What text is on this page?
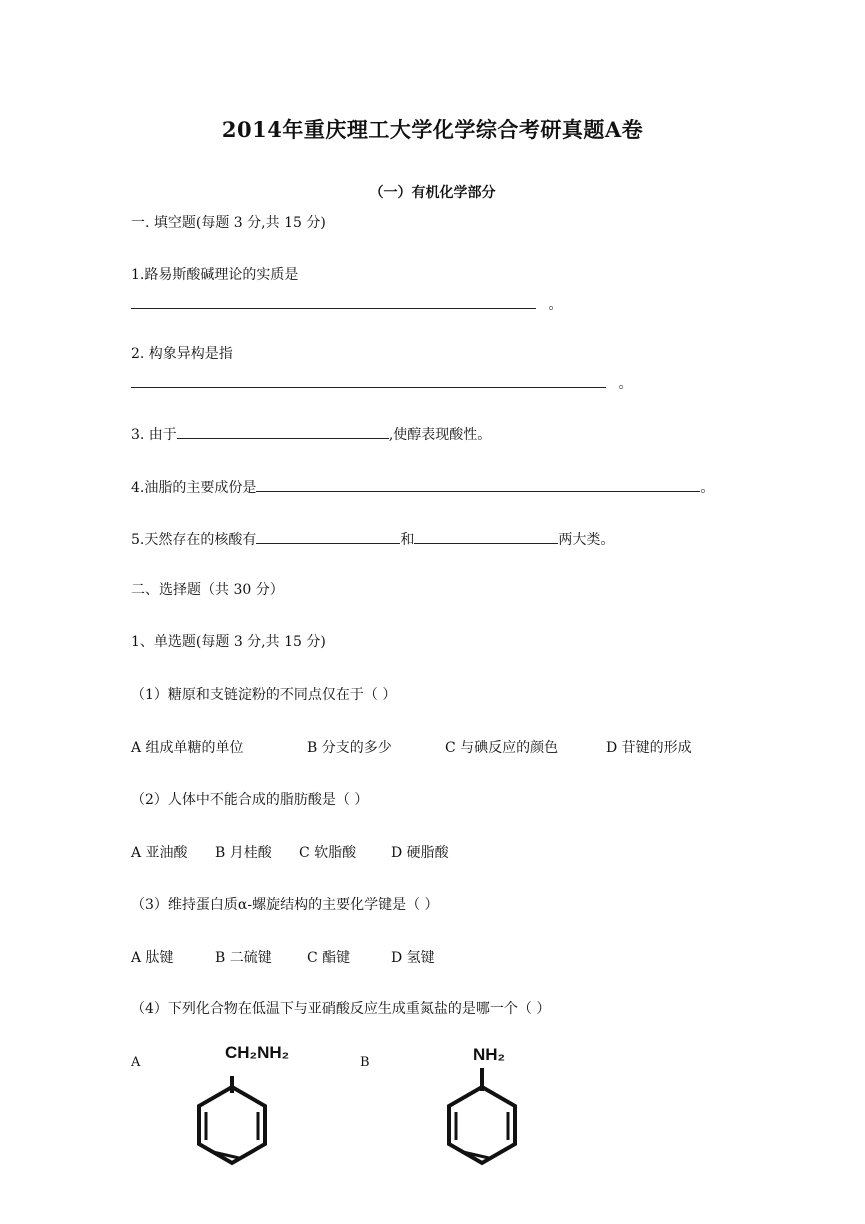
2014年重庆理工大学化学综合考研真题A卷
（一）有机化学部分
一. 填空题(每题 3 分,共 15 分)
1.路易斯酸碱理论的实质是
。
2. 构象异构是指
。
3. 由于	,使醇表现酸性。
4.油脂的主要成份是	。
5.天然存在的核酸有	和	两大类。
二、选择题（共 30 分）
1、单选题(每题 3 分,共 15 分)
（1）糖原和支链淀粉的不同点仅在于（ ）
A 组成单糖的单位	B 分支的多少	C 与碘反应的颜色	D 苷键的形成
（2）人体中不能合成的脂肪酸是（ ）
A 亚油酸 B 月桂酸 C 软脂酸 D 硬脂酸
（3）维持蛋白质α-螺旋结构的主要化学键是（ ）
A 肽键	B 二硫键	C 酯键	D 氢键
（4）下列化合物在低温下与亚硝酸反应生成重氮盐的是哪一个（ ）
A
CH₂NH₂
B	NH₂
